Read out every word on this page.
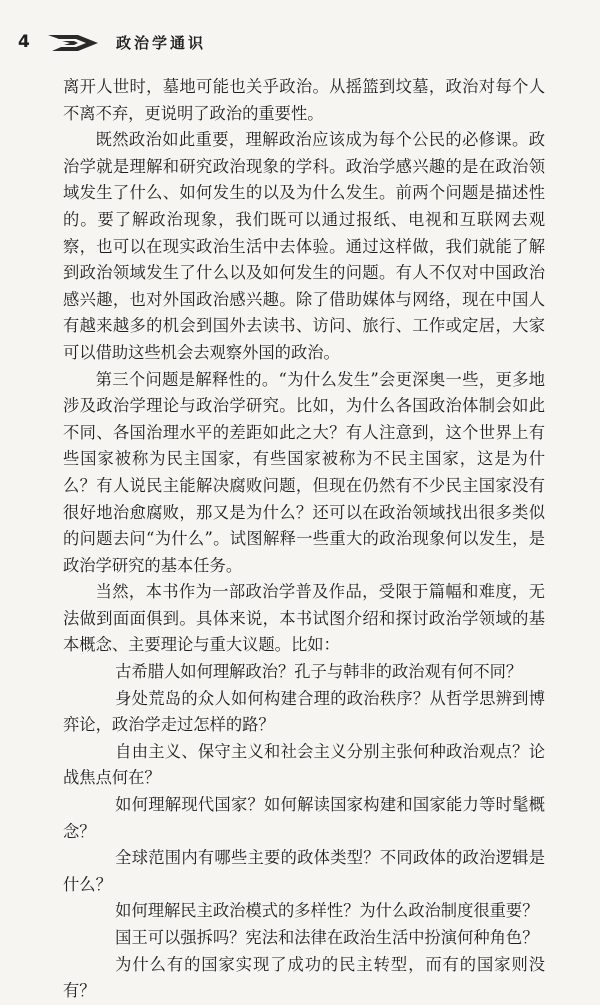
4	政治学通识

离开人世时，墓地可能也关乎政治。从摇篮到坟墓，政治对每个人不离不弃，更说明了政治的重要性。

既然政治如此重要，理解政治应该成为每个公民的必修课。政治学就是理解和研究政治现象的学科。政治学感兴趣的是在政治领域发生了什么、如何发生的以及为什么发生。前两个问题是描述性的。要了解政治现象，我们既可以通过报纸、电视和互联网去观察，也可以在现实政治生活中去体验。通过这样做，我们就能了解到政治领域发生了什么以及如何发生的问题。有人不仅对中国政治感兴趣，也对外国政治感兴趣。除了借助媒体与网络，现在中国人有越来越多的机会到国外去读书、访问、旅行、工作或定居，大家可以借助这些机会去观察外国的政治。

第三个问题是解释性的。“为什么发生”会更深奥一些，更多地涉及政治学理论与政治学研究。比如，为什么各国政治体制会如此不同、各国治理水平的差距如此之大？有人注意到，这个世界上有些国家被称为民主国家，有些国家被称为不民主国家，这是为什么？有人说民主能解决腐败问题，但现在仍然有不少民主国家没有很好地治愈腐败，那又是为什么？还可以在政治领域找出很多类似的问题去问“为什么”。试图解释一些重大的政治现象何以发生，是政治学研究的基本任务。

当然，本书作为一部政治学普及作品，受限于篇幅和难度，无法做到面面俱到。具体来说，本书试图介绍和探讨政治学领域的基本概念、主要理论与重大议题。比如：

古希腊人如何理解政治？孔子与韩非的政治观有何不同？

身处荒岛的众人如何构建合理的政治秩序？从哲学思辨到博弈论，政治学走过怎样的路？

自由主义、保守主义和社会主义分别主张何种政治观点？论战焦点何在？

如何理解现代国家？如何解读国家构建和国家能力等时髦概念？

全球范围内有哪些主要的政体类型？不同政体的政治逻辑是什么？

如何理解民主政治模式的多样性？为什么政治制度很重要？

国王可以强拆吗？宪法和法律在政治生活中扮演何种角色？

为什么有的国家实现了成功的民主转型，而有的国家则没有？
